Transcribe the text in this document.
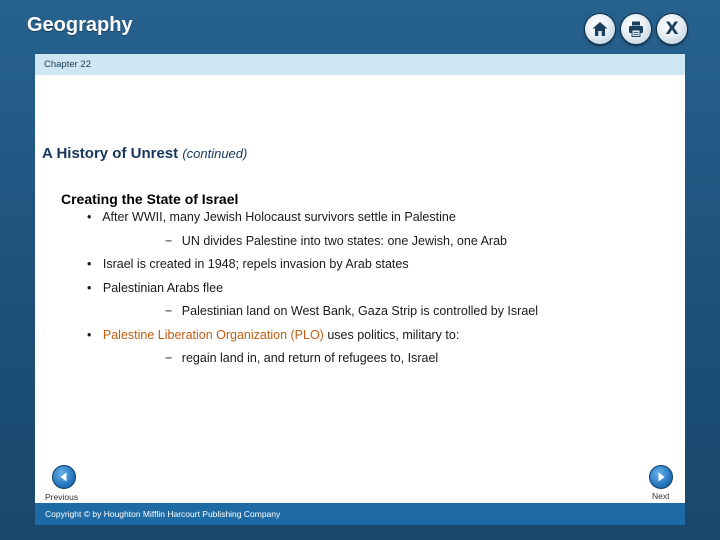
Geography	X
Chapter 22
A History of Unrest (continued)
Creating the State of Israel
• After WWII, many Jewish Holocaust survivors settle in Palestine
− UN divides Palestine into two states: one Jewish, one Arab
• Israel is created in 1948; repels invasion by Arab states
• Palestinian Arabs flee
− Palestinian land on West Bank, Gaza Strip is controlled by Israel
• Palestine Liberation Organization (PLO) uses politics, military to:
− regain land in, and return of refugees to, Israel
Previous	Next
Copyright © by Houghton Mifflin Harcourt Publishing Company
